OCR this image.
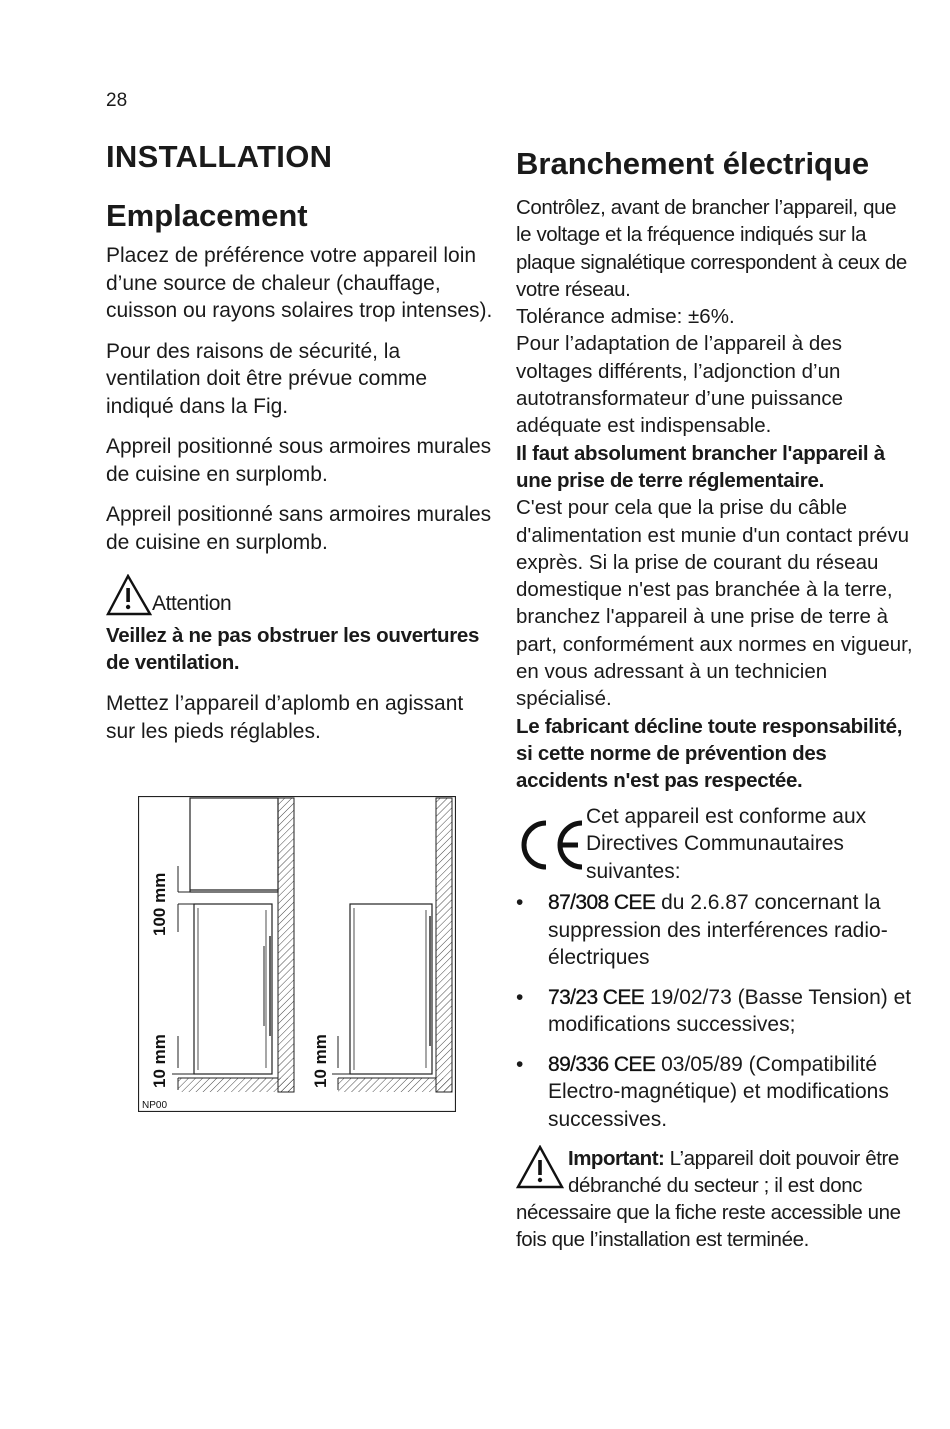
28
INSTALLATION
Emplacement

Placez de préférence votre appareil loin d’une source de chaleur (chauffage, cuisson ou rayons solaires trop intenses).

Pour des raisons de sécurité, la ventilation doit être prévue comme indiqué dans la Fig.

Appreil positionné sous armoires murales de cuisine en surplomb.

Appreil positionné sans armoires murales de cuisine en surplomb.

Attention

Veillez à ne pas obstruer les ouvertures de ventilation.

Mettez l’appareil d’aplomb en agissant sur les pieds réglables.

100 mm
10 mm	10 mm
NP00
Branchement électrique

Contrôlez, avant de brancher l’appareil, que le voltage et la fréquence indiqués sur la plaque signalétique correspondent à ceux de votre réseau.

Tolérance admise: ±6%.

Pour l’adaptation de l’appareil à des voltages différents, l’adjonction d’un autotransformateur d’une puissance adéquate est indispensable.

Il faut absolument brancher l'appareil à une prise de terre réglementaire.

C'est pour cela que la prise du câble d'alimentation est munie d'un contact prévu exprès. Si la prise de courant du réseau domestique n'est pas branchée à la terre, branchez l'appareil à une prise de terre à part, conformément aux normes en vigueur, en vous adressant à un technicien spécialisé.

Le fabricant décline toute responsabilité, si cette norme de prévention des accidents n'est pas respectée.

Cet appareil est conforme aux Directives Communautaires suivantes:

• 87/308 CEE du 2.6.87 concernant la suppression des interférences radio-électriques
• 73/23 CEE 19/02/73 (Basse Tension) et modifications successives;
• 89/336 CEE 03/05/89 (Compatibilité Electro-magnétique) et modifications successives.
Important: L’appareil doit pouvoir être débranché du secteur ; il est donc nécessaire que la fiche reste accessible une fois que l’installation est terminée.
